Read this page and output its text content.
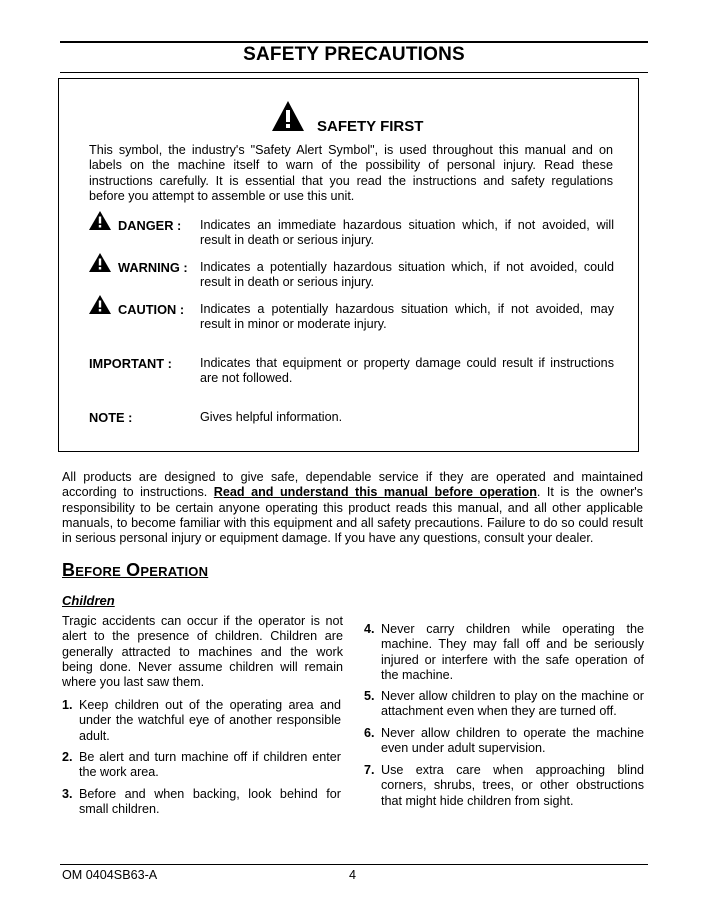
SAFETY PRECAUTIONS
SAFETY FIRST
This symbol, the industry's "Safety Alert Symbol", is used throughout this manual and on labels on the machine itself to warn of the possibility of personal injury. Read these instructions carefully. It is essential that you read the instructions and safety regulations before you attempt to assemble or use this unit.
DANGER : Indicates an immediate hazardous situation which, if not avoided, will result in death or serious injury.
WARNING : Indicates a potentially hazardous situation which, if not avoided, could result in death or serious injury.
CAUTION : Indicates a potentially hazardous situation which, if not avoided, may result in minor or moderate injury.
IMPORTANT : Indicates that equipment or property damage could result if instructions are not followed.
NOTE :	Gives helpful information.
All products are designed to give safe, dependable service if they are operated and maintained according to instructions. Read and understand this manual before operation. It is the owner's responsibility to be certain anyone operating this product reads this manual, and all other applicable manuals, to become familiar with this equipment and all safety precautions. Failure to do so could result in serious personal injury or equipment damage. If you have any questions, consult your dealer.
Before Operation
Children
Tragic accidents can occur if the operator is not alert to the presence of children. Children are generally attracted to machines and the work being done. Never assume children will remain where you last saw them.
1. Keep children out of the operating area and under the watchful eye of another responsible adult.
2. Be alert and turn machine off if children enter the work area.
3. Before and when backing, look behind for small children.
4. Never carry children while operating the machine. They may fall off and be seriously injured or interfere with the safe operation of the machine.
5. Never allow children to play on the machine or attachment even when they are turned off.
6. Never allow children to operate the machine even under adult supervision.
7. Use extra care when approaching blind corners, shrubs, trees, or other obstructions that might hide children from sight.
OM 0404SB63-A	4
